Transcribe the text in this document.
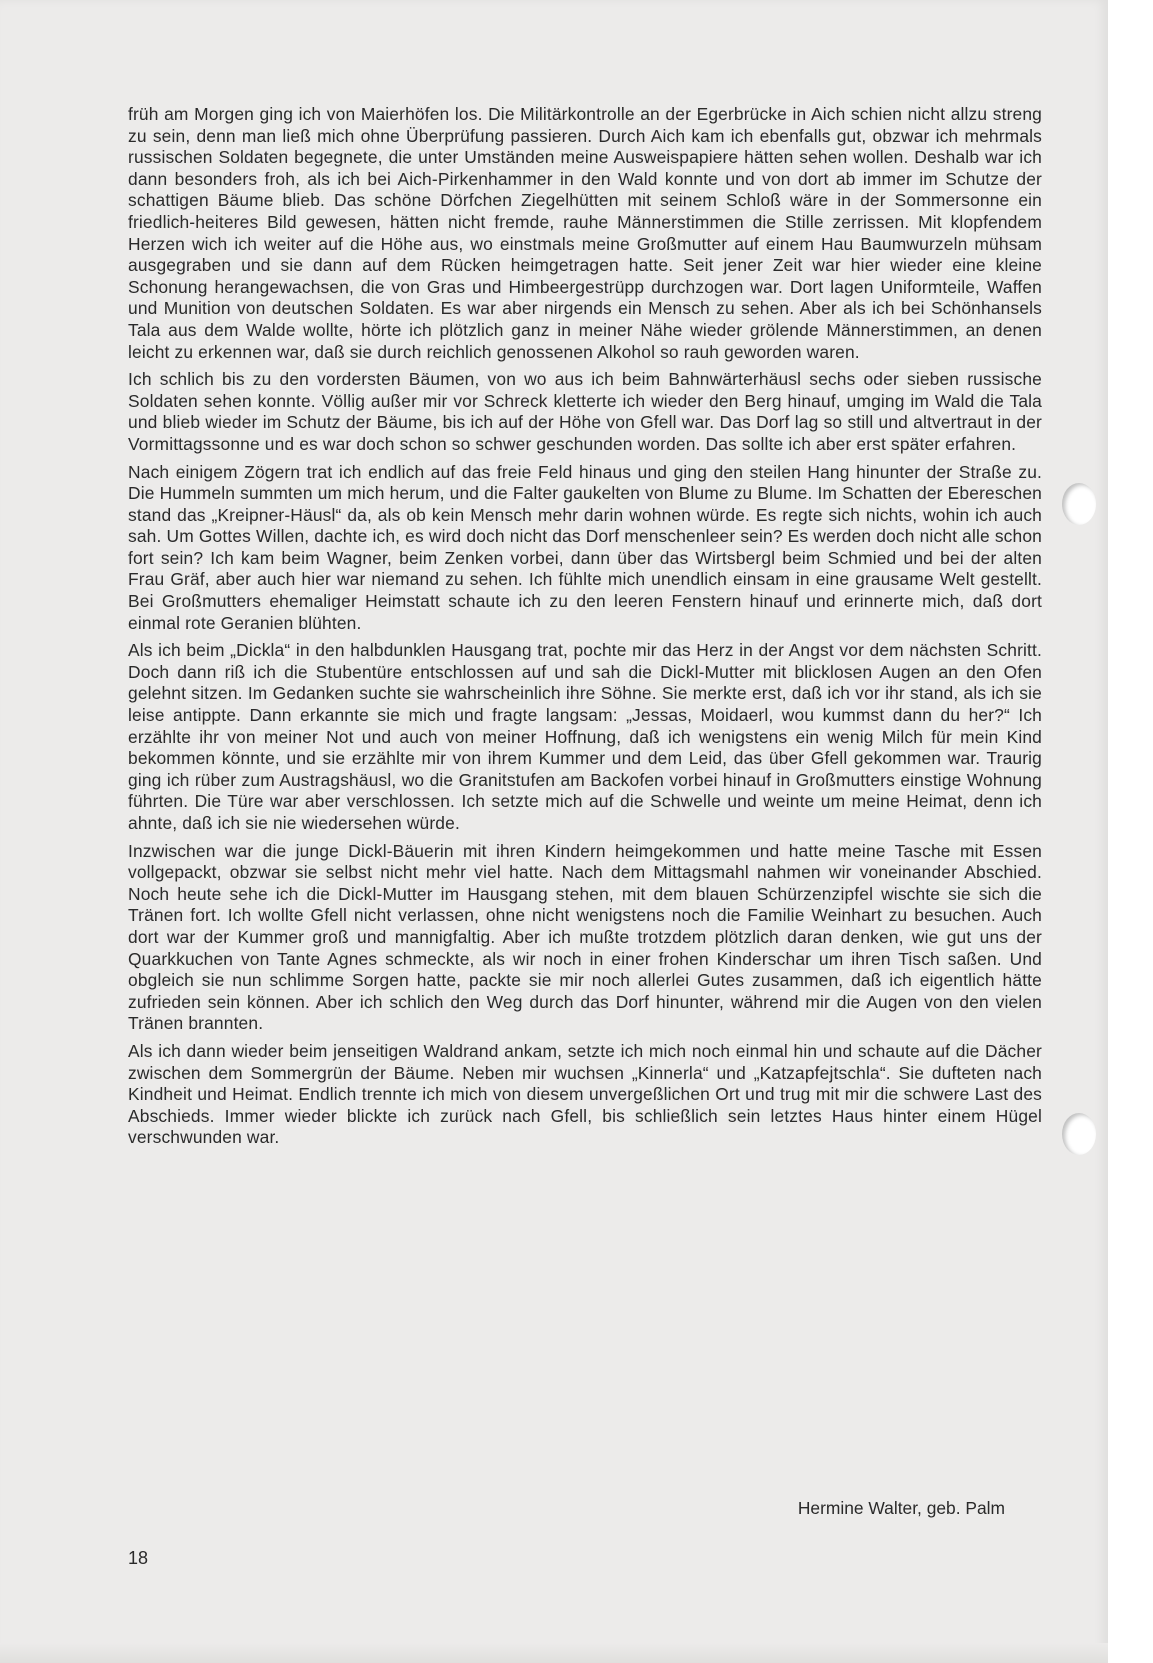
früh am Morgen ging ich von Maierhöfen los. Die Militärkontrolle an der Egerbrücke in Aich schien nicht allzu streng zu sein, denn man ließ mich ohne Überprüfung passieren. Durch Aich kam ich ebenfalls gut, obzwar ich mehrmals russischen Soldaten begegnete, die unter Umständen meine Ausweispapiere hätten sehen wollen. Deshalb war ich dann besonders froh, als ich bei Aich-Pirkenhammer in den Wald konnte und von dort ab immer im Schutze der schattigen Bäume blieb. Das schöne Dörfchen Ziegelhütten mit seinem Schloß wäre in der Sommersonne ein friedlich-heiteres Bild gewesen, hätten nicht fremde, rauhe Männerstimmen die Stille zerrissen. Mit klopfendem Herzen wich ich weiter auf die Höhe aus, wo einstmals meine Großmutter auf einem Hau Baumwurzeln mühsam ausgegraben und sie dann auf dem Rücken heimgetragen hatte. Seit jener Zeit war hier wieder eine kleine Schonung herangewachsen, die von Gras und Himbeergestrüpp durchzogen war. Dort lagen Uniformteile, Waffen und Munition von deutschen Soldaten. Es war aber nirgends ein Mensch zu sehen. Aber als ich bei Schönhansels Tala aus dem Walde wollte, hörte ich plötzlich ganz in meiner Nähe wieder grölende Männerstimmen, an denen leicht zu erkennen war, daß sie durch reichlich genossenen Alkohol so rauh geworden waren.

Ich schlich bis zu den vordersten Bäumen, von wo aus ich beim Bahnwärterhäusl sechs oder sieben russische Soldaten sehen konnte. Völlig außer mir vor Schreck kletterte ich wieder den Berg hinauf, umging im Wald die Tala und blieb wieder im Schutz der Bäume, bis ich auf der Höhe von Gfell war. Das Dorf lag so still und altvertraut in der Vormittagssonne und es war doch schon so schwer geschunden worden. Das sollte ich aber erst später erfahren.

Nach einigem Zögern trat ich endlich auf das freie Feld hinaus und ging den steilen Hang hinunter der Straße zu. Die Hummeln summten um mich herum, und die Falter gaukelten von Blume zu Blume. Im Schatten der Ebereschen stand das „Kreipner-Häusl“ da, als ob kein Mensch mehr darin wohnen würde. Es regte sich nichts, wohin ich auch sah. Um Gottes Willen, dachte ich, es wird doch nicht das Dorf menschenleer sein? Es werden doch nicht alle schon fort sein? Ich kam beim Wagner, beim Zenken vorbei, dann über das Wirtsbergl beim Schmied und bei der alten Frau Gräf, aber auch hier war niemand zu sehen. Ich fühlte mich unendlich einsam in eine grausame Welt gestellt. Bei Großmutters ehemaliger Heimstatt schaute ich zu den leeren Fenstern hinauf und erinnerte mich, daß dort einmal rote Geranien blühten.

Als ich beim „Dickla“ in den halbdunklen Hausgang trat, pochte mir das Herz in der Angst vor dem nächsten Schritt. Doch dann riß ich die Stubentüre entschlossen auf und sah die Dickl-Mutter mit blicklosen Augen an den Ofen gelehnt sitzen. Im Gedanken suchte sie wahrscheinlich ihre Söhne. Sie merkte erst, daß ich vor ihr stand, als ich sie leise antippte. Dann erkannte sie mich und fragte langsam: „Jessas, Moidaerl, wou kummst dann du her?“ Ich erzählte ihr von meiner Not und auch von meiner Hoffnung, daß ich wenigstens ein wenig Milch für mein Kind bekommen könnte, und sie erzählte mir von ihrem Kummer und dem Leid, das über Gfell gekommen war. Traurig ging ich rüber zum Austragshäusl, wo die Granitstufen am Backofen vorbei hinauf in Großmutters einstige Wohnung führten. Die Türe war aber verschlossen. Ich setzte mich auf die Schwelle und weinte um meine Heimat, denn ich ahnte, daß ich sie nie wiedersehen würde.

Inzwischen war die junge Dickl-Bäuerin mit ihren Kindern heimgekommen und hatte meine Tasche mit Essen vollgepackt, obzwar sie selbst nicht mehr viel hatte. Nach dem Mittagsmahl nahmen wir voneinander Abschied. Noch heute sehe ich die Dickl-Mutter im Hausgang stehen, mit dem blauen Schürzenzipfel wischte sie sich die Tränen fort. Ich wollte Gfell nicht verlassen, ohne nicht wenigstens noch die Familie Weinhart zu besuchen. Auch dort war der Kummer groß und mannigfaltig. Aber ich mußte trotzdem plötzlich daran denken, wie gut uns der Quarkkuchen von Tante Agnes schmeckte, als wir noch in einer frohen Kinderschar um ihren Tisch saßen. Und obgleich sie nun schlimme Sorgen hatte, packte sie mir noch allerlei Gutes zusammen, daß ich eigentlich hätte zufrieden sein können. Aber ich schlich den Weg durch das Dorf hinunter, während mir die Augen von den vielen Tränen brannten.

Als ich dann wieder beim jenseitigen Waldrand ankam, setzte ich mich noch einmal hin und schaute auf die Dächer zwischen dem Sommergrün der Bäume. Neben mir wuchsen „Kinnerla“ und „Katzapfejtschla“. Sie dufteten nach Kindheit und Heimat. Endlich trennte ich mich von diesem unvergeßlichen Ort und trug mit mir die schwere Last des Abschieds. Immer wieder blickte ich zurück nach Gfell, bis schließlich sein letztes Haus hinter einem Hügel verschwunden war.

Hermine Walter, geb. Palm
18
